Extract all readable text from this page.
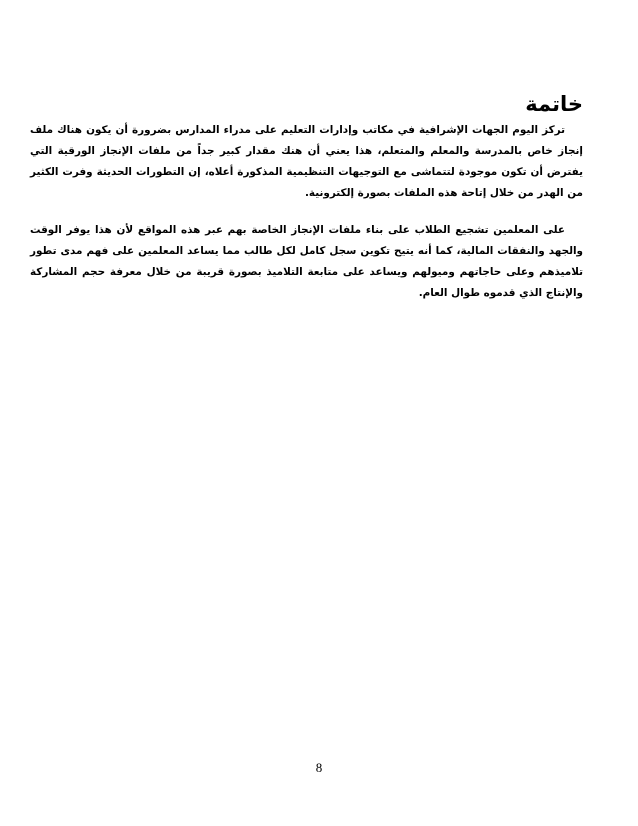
خاتمة

تركز اليوم الجهات الإشرافية في مكاتب وإدارات التعليم على مدراء المدارس بضرورة أن يكون هناك ملف إنجاز خاص بالمدرسة والمعلم والمتعلم، هذا يعني أن هنك مقدار كبير جداً من ملفات الإنجاز الورقية التي يفترض أن تكون موجودة لتتماشى مع التوجيهات التنظيمية المذكورة أعلاه، إن التطورات الحديثة وفرت الكثير من الهدر من خلال إتاحة هذه الملفات بصورة إلكترونية.

على المعلمين تشجيع الطلاب على بناء ملفات الإنجاز الخاصة بهم عبر هذه المواقع لأن هذا يوفر الوقت والجهد والنفقات المالية، كما أنه يتيح تكوين سجل كامل لكل طالب مما يساعد المعلمين على فهم مدى تطور تلاميذهم وعلى حاجاتهم وميولهم ويساعد على متابعة التلاميذ بصورة قريبة من خلال معرفة حجم المشاركة والإنتاج الذي قدموه طوال العام.

8
